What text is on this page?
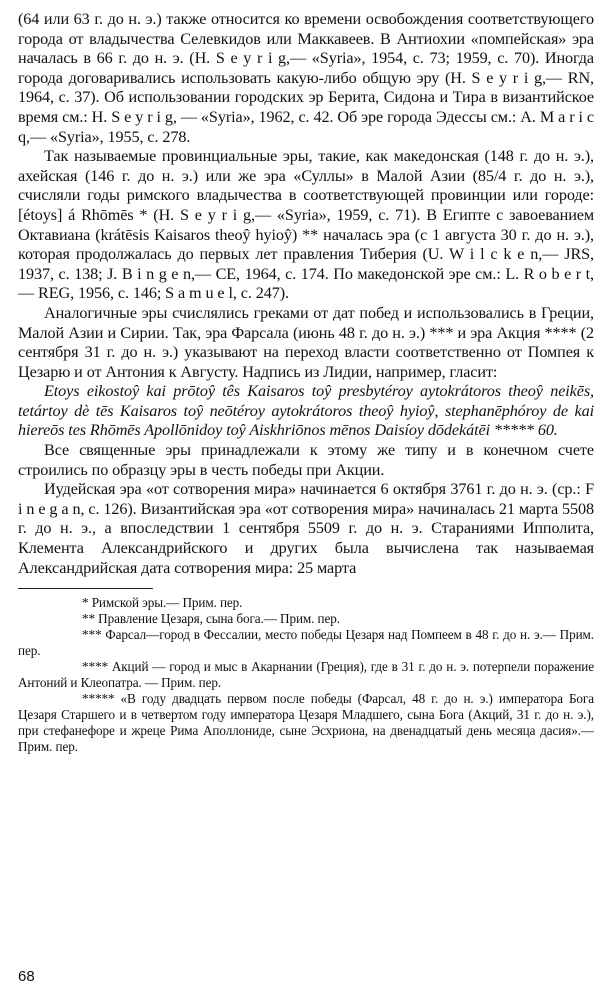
(64 или 63 г. до н. э.) также относится ко времени освобождения соответствующего города от владычества Селевкидов или Маккавеев. В Антиохии «помпейская» эра началась в 66 г. до н. э. (H. S e y r i g,— «Syria», 1954, с. 73; 1959, с. 70). Иногда города договаривались использовать какую-либо общую эру (H. S e y r i g,— RN, 1964, с. 37). Об использовании городских эр Берита, Сидона и Тира в византийское время см.: H. S e y r i g, — «Syria», 1962, с. 42. Об эре города Эдессы см.: A. M a r i c q,— «Syria», 1955, с. 278.

Так называемые провинциальные эры, такие, как македонская (148 г. до н. э.), ахейская (146 г. до н. э.) или же эра «Суллы» в Малой Азии (85/4 г. до н. э.), счисляли годы римского владычества в соответствующей провинции или городе: [étoys] á Rhōmēs * (H. S e y r i g,— «Syria», 1959, с. 71). В Египте с завоеванием Октавиана (krátēsis Kaisaros theoŷ hyioŷ) ** началась эра (с 1 августа 30 г. до н. э.), которая продолжалась до первых лет правления Тиберия (U. W i l c k e n,— JRS, 1937, с. 138; J. B i n g e n,— CE, 1964, с. 174. По македонской эре см.: L. R o b e r t,— REG, 1956, с. 146; S a m u e l, с. 247).

Аналогичные эры счислялись греками от дат побед и использовались в Греции, Малой Азии и Сирии. Так, эра Фарсала (июнь 48 г. до н. э.) *** и эра Акция **** (2 сентября 31 г. до н. э.) указывают на переход власти соответственно от Помпея к Цезарю и от Антония к Августу. Надпись из Лидии, например, гласит:

Etoys eikostoŷ kai prōtoŷ tês Kaisaros toŷ presbytéroy aytokrátoros theoŷ neikēs, tetártoy dè tēs Kaisaros toŷ neōtéroy aytokrátoros theoŷ hyioŷ, stephanēphóroy de kai hiereōs tes Rhōmēs Apollōnidoy toŷ Aiskhriōnos mēnos Daisíoy dōdekátēi ***** 60.

Все священные эры принадлежали к этому же типу и в конечном счете строились по образцу эры в честь победы при Акции.

Иудейская эра «от сотворения мира» начинается 6 октября 3761 г. до н. э. (ср.: F i n e g a n, с. 126). Византийская эра «от сотворения мира» начиналась 21 марта 5508 г. до н. э., а впоследствии 1 сентября 5509 г. до н. э. Стараниями Ипполита, Клемента Александрийского и других была вычислена так называемая Александрийская дата сотворения мира: 25 марта

* Римской эры.— Прим. пер.

** Правление Цезаря, сына бога.— Прим. пер.

*** Фарсал—город в Фессалии, место победы Цезаря над Помпеем в 48 г. до н. э.— Прим. пер.

**** Акций — город и мыс в Акарнании (Греция), где в 31 г. до н. э. потерпели поражение Антоний и Клеопатра. — Прим. пер.

***** «В году двадцать первом после победы (Фарсал, 48 г. до н. э.) императора Бога Цезаря Старшего и в четвертом году императора Цезаря Младшего, сына Бога (Акций, 31 г. до н. э.), при стефанефоре и жреце Рима Аполлониде, сыне Эсхриона, на двенадцатый день месяца дасия».— Прим. пер.

68
